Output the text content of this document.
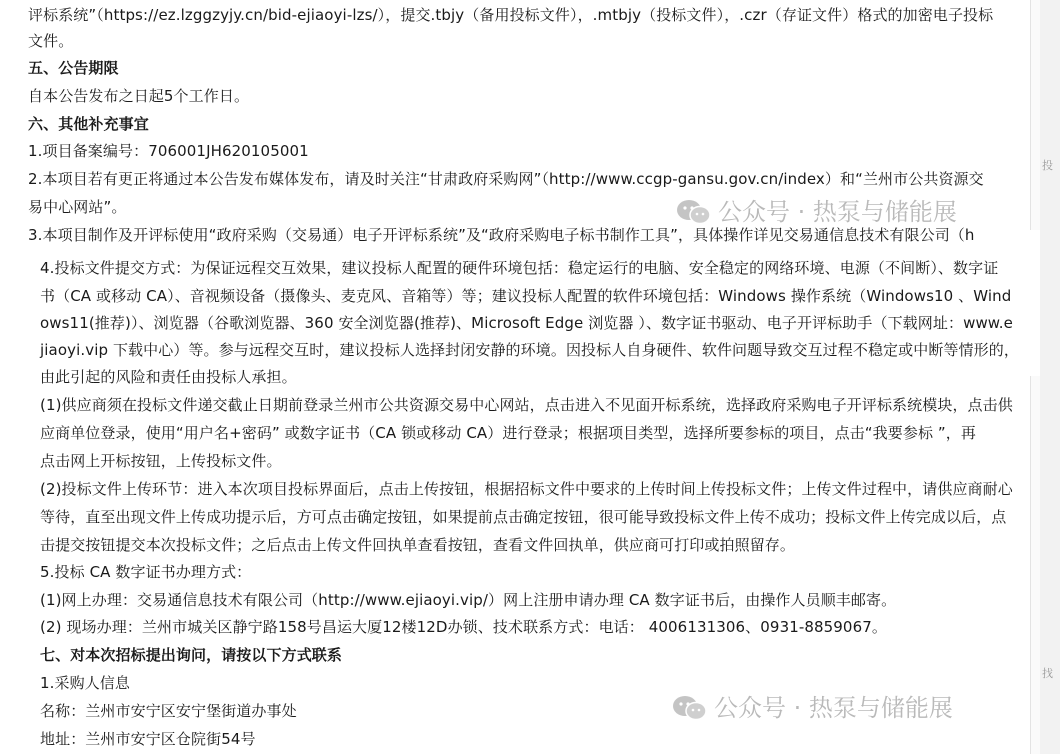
评标系统”（https://ez.lzggzyjy.cn/bid-ejiaoyi-lzs/），提交.tbjy（备用投标文件），.mtbjy（投标文件），.czr（存证文件）格式的加密电子投标
文件。
五、公告期限
自本公告发布之日起5个工作日。
六、其他补充事宜
1.项目备案编号：706001JH620105001
2.本项目若有更正将通过本公告发布媒体发布，请及时关注“甘肃政府采购网”（http://www.ccgp-gansu.gov.cn/index）和“兰州市公共资源交
易中心网站”。
3.本项目制作及开评标使用“政府采购（交易通）电子开评标系统”及“政府采购电子标书制作工具”，具体操作详见交易通信息技术有限公司（h
4.投标文件提交方式：为保证远程交互效果，建议投标人配置的硬件环境包括：稳定运行的电脑、安全稳定的网络环境、电源（不间断）、数字证
书（CA 或移动 CA）、音视频设备（摄像头、麦克风、音箱等）等；建议投标人配置的软件环境包括：Windows 操作系统（Windows10 、Wind
ows11(推荐)）、浏览器（谷歌浏览器、360 安全浏览器(推荐)、Microsoft Edge 浏览器 ）、数字证书驱动、电子开评标助手（下载网址：www.e
jiaoyi.vip 下载中心）等。参与远程交互时，建议投标人选择封闭安静的环境。因投标人自身硬件、软件问题导致交互过程不稳定或中断等情形的，
由此引起的风险和责任由投标人承担。
(1)供应商须在投标文件递交截止日期前登录兰州市公共资源交易中心网站，点击进入不见面开标系统，选择政府采购电子开评标系统模块，点击供
应商单位登录，使用“用户名+密码” 或数字证书（CA 锁或移动 CA）进行登录；根据项目类型，选择所要参标的项目，点击“我要参标 ”，再
点击网上开标按钮，上传投标文件。
(2)投标文件上传环节：进入本次项目投标界面后，点击上传按钮，根据招标文件中要求的上传时间上传投标文件；上传文件过程中，请供应商耐心
等待，直至出现文件上传成功提示后，方可点击确定按钮，如果提前点击确定按钮，很可能导致投标文件上传不成功；投标文件上传完成以后，点
击提交按钮提交本次投标文件；之后点击上传文件回执单查看按钮，查看文件回执单，供应商可打印或拍照留存。
5.投标 CA 数字证书办理方式：
(1)网上办理：交易通信息技术有限公司（http://www.ejiaoyi.vip/）网上注册申请办理 CA 数字证书后，由操作人员顺丰邮寄。
(2) 现场办理：兰州市城关区静宁路158号昌运大厦12楼12D办锁、技术联系方式：电话： 4006131306、0931-8859067。
七、对本次招标提出询问，请按以下方式联系
1.采购人信息
名称：兰州市安宁区安宁堡街道办事处
地址：兰州市安宁区仓院街54号
公众号 · 热泵与储能展
公众号 · 热泵与储能展
投
找
